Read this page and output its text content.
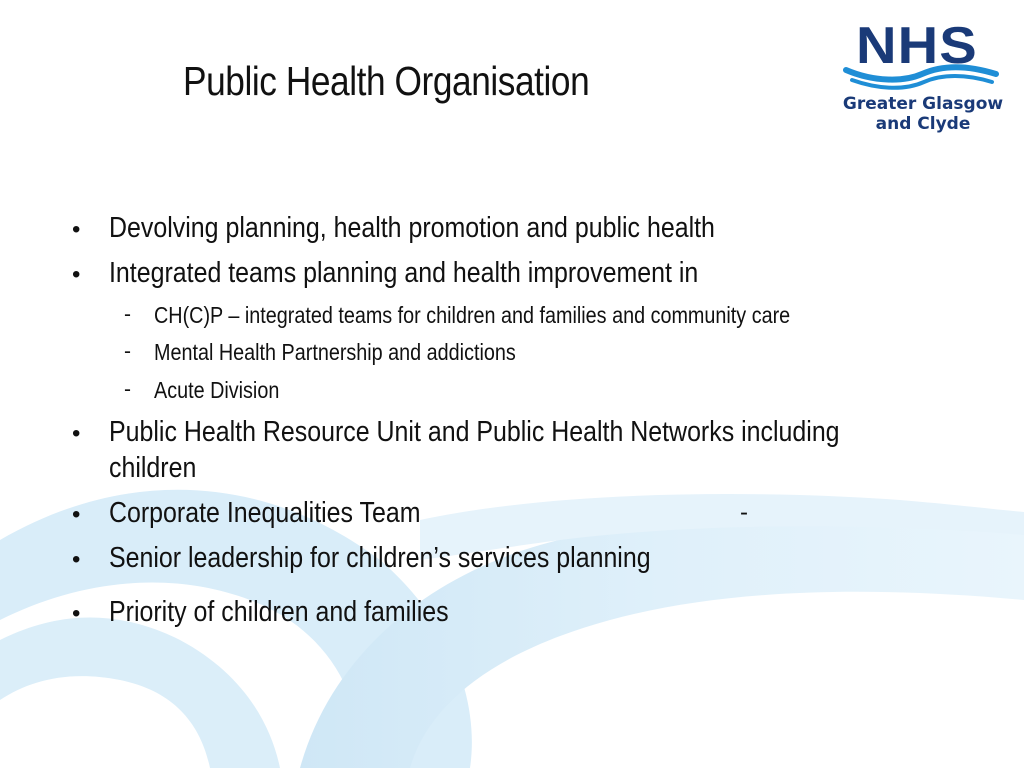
Public Health Organisation
NHS
Greater Glasgow
and Clyde
• Devolving planning, health promotion and public health
• Integrated teams planning and health improvement in
- CH(C)P – integrated teams for children and families and community care
- Mental Health Partnership and addictions
- Acute Division
• Public Health Resource Unit and Public Health Networks including
children
• Corporate Inequalities Team	-
• Senior leadership for children’s services planning
• Priority of children and families
